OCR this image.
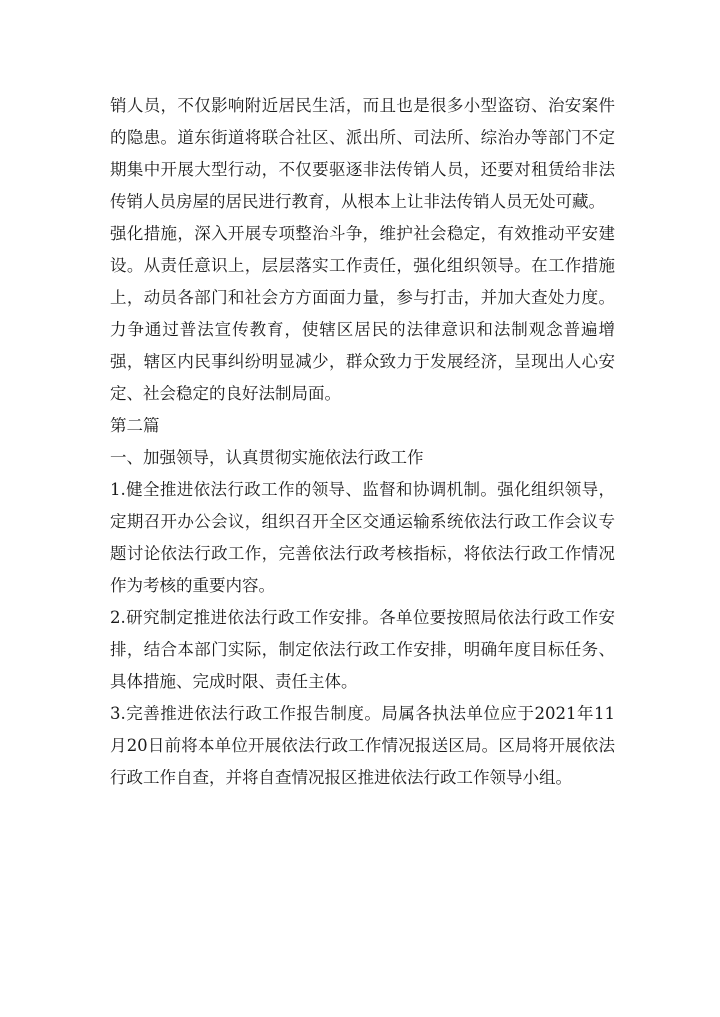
销人员，不仅影响附近居民生活，而且也是很多小型盗窃、治安案件的隐患。道东街道将联合社区、派出所、司法所、综治办等部门不定期集中开展大型行动，不仅要驱逐非法传销人员，还要对租赁给非法传销人员房屋的居民进行教育，从根本上让非法传销人员无处可藏。

强化措施，深入开展专项整治斗争，维护社会稳定，有效推动平安建设。从责任意识上，层层落实工作责任，强化组织领导。在工作措施上，动员各部门和社会方方面面力量，参与打击，并加大查处力度。力争通过普法宣传教育，使辖区居民的法律意识和法制观念普遍增强，辖区内民事纠纷明显减少，群众致力于发展经济，呈现出人心安定、社会稳定的良好法制局面。

第二篇

一、加强领导，认真贯彻实施依法行政工作

1.健全推进依法行政工作的领导、监督和协调机制。强化组织领导，定期召开办公会议，组织召开全区交通运输系统依法行政工作会议专题讨论依法行政工作，完善依法行政考核指标，将依法行政工作情况作为考核的重要内容。

2.研究制定推进依法行政工作安排。各单位要按照局依法行政工作安排，结合本部门实际，制定依法行政工作安排，明确年度目标任务、具体措施、完成时限、责任主体。

3.完善推进依法行政工作报告制度。局属各执法单位应于2021年11月20日前将本单位开展依法行政工作情况报送区局。区局将开展依法行政工作自查，并将自查情况报区推进依法行政工作领导小组。
